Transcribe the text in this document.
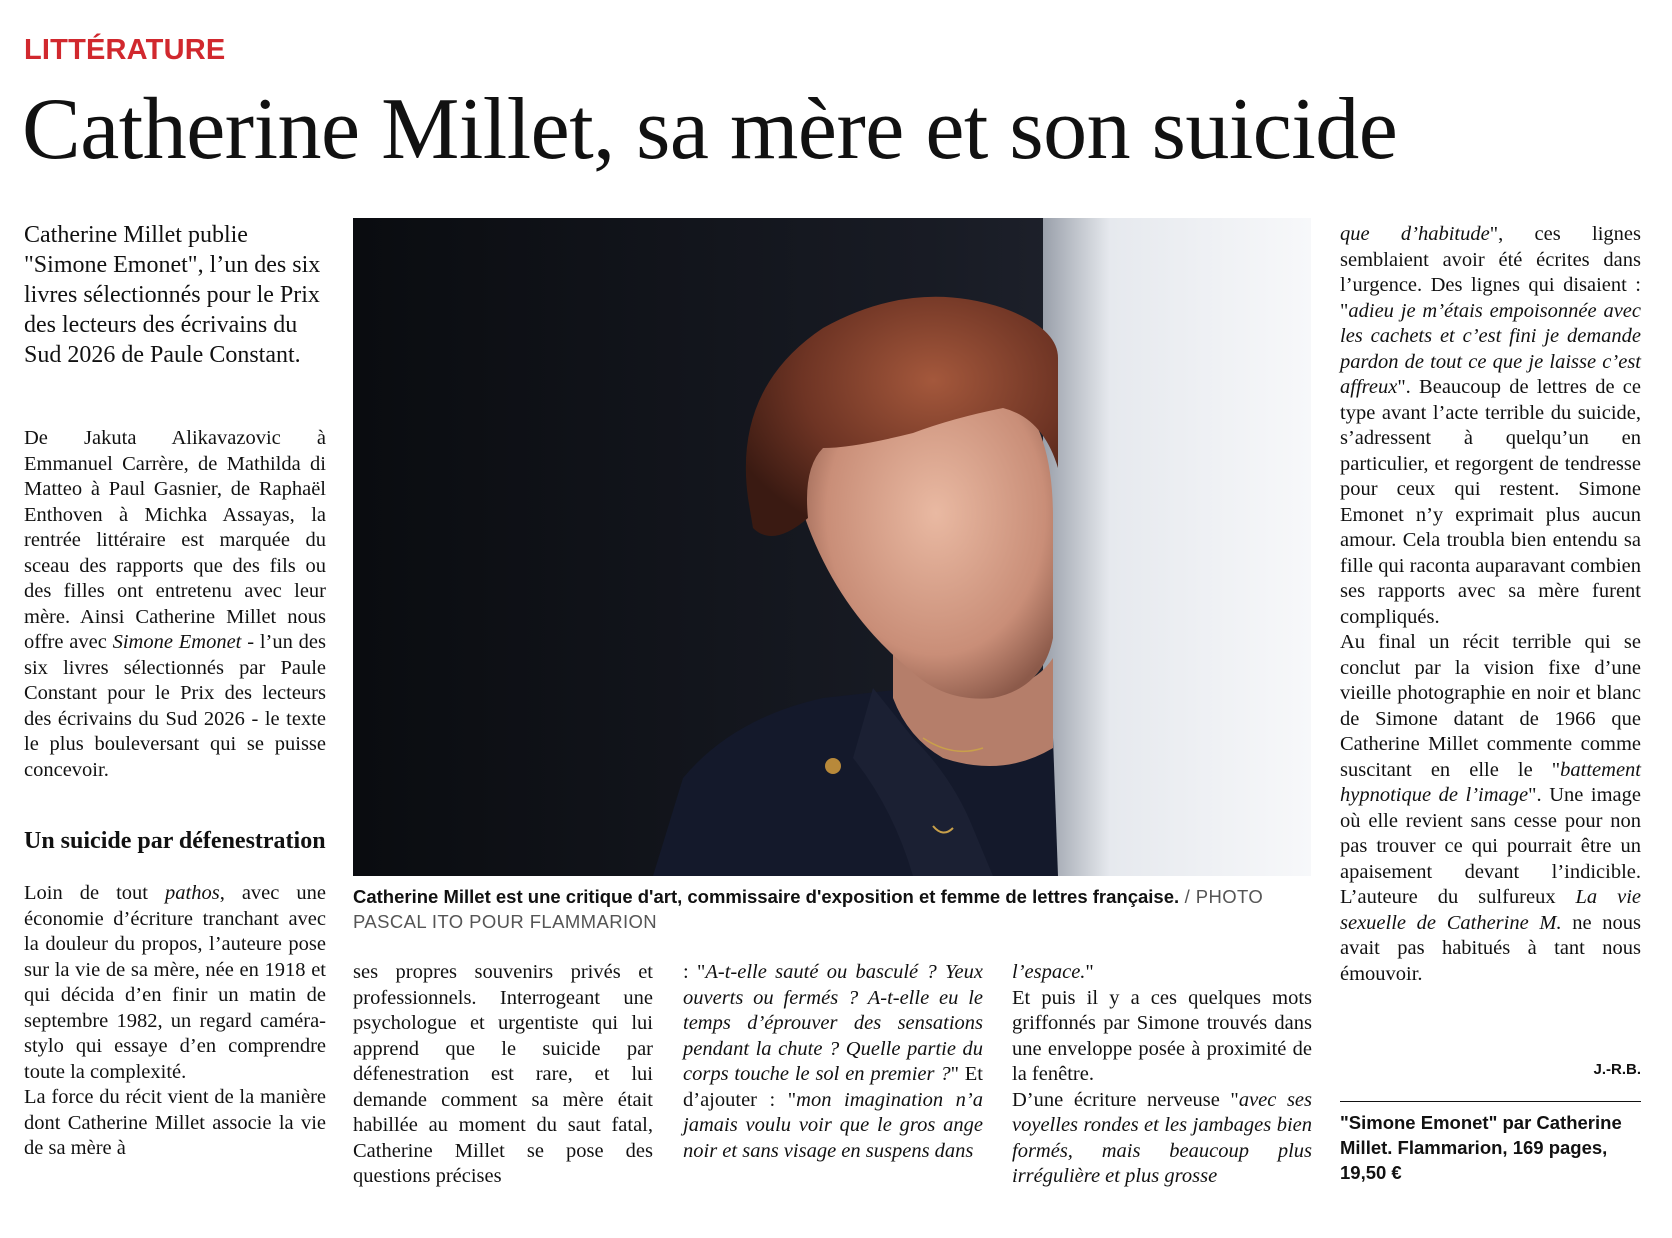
LITTÉRATURE
Catherine Millet, sa mère et son suicide
Catherine Millet publie "Simone Emonet", l’un des six livres sélectionnés pour le Prix des lecteurs des écrivains du Sud 2026 de Paule Constant.

De Jakuta Alikavazovic à Emmanuel Carrère, de Mathilda di Matteo à Paul Gasnier, de Raphaël Enthoven à Michka Assayas, la rentrée littéraire est marquée du sceau des rapports que des fils ou des filles ont entretenu avec leur mère. Ainsi Catherine Millet nous offre avec Simone Emonet - l’un des six livres sélectionnés par Paule Constant pour le Prix des lecteurs des écrivains du Sud 2026 - le texte le plus bouleversant qui se puisse concevoir.

Un suicide par défenestration

Loin de tout pathos, avec une économie d’écriture tranchant avec la douleur du propos, l’auteure pose sur la vie de sa mère, née en 1918 et qui décida d’en finir un matin de septembre 1982, un regard caméra-stylo qui essaye d’en comprendre toute la complexité.

La force du récit vient de la manière dont Catherine Millet associe la vie de sa mère à

Catherine Millet est une critique d'art, commissaire d'exposition et femme de lettres française. / PHOTO PASCAL ITO POUR FLAMMARION

ses propres souvenirs privés et professionnels. Interrogeant une psychologue et urgentiste qui lui apprend que le suicide par défenestration est rare, et lui demande comment sa mère était habillée au moment du saut fatal, Catherine Millet se pose des questions précises

: "A-t-elle sauté ou basculé ? Yeux ouverts ou fermés ? A-t-elle eu le temps d’éprouver des sensations pendant la chute ? Quelle partie du corps touche le sol en premier ?" Et d’ajouter : "mon imagination n’a jamais voulu voir que le gros ange noir et sans visage en suspens dans

l’espace."

Et puis il y a ces quelques mots griffonnés par Simone trouvés dans une enveloppe posée à proximité de la fenêtre.

D’une écriture nerveuse "avec ses voyelles rondes et les jambages bien formés, mais beaucoup plus irrégulière et plus grosse

que d’habitude", ces lignes semblaient avoir été écrites dans l’urgence. Des lignes qui disaient : "adieu je m’étais empoisonnée avec les cachets et c’est fini je demande pardon de tout ce que je laisse c’est affreux". Beaucoup de lettres de ce type avant l’acte terrible du suicide, s’adressent à quelqu’un en particulier, et regorgent de tendresse pour ceux qui restent. Simone Emonet n’y exprimait plus aucun amour. Cela troubla bien entendu sa fille qui raconta auparavant combien ses rapports avec sa mère furent compliqués.

Au final un récit terrible qui se conclut par la vision fixe d’une vieille photographie en noir et blanc de Simone datant de 1966 que Catherine Millet commente comme suscitant en elle le "battement hypnotique de l’image". Une image où elle revient sans cesse pour non pas trouver ce qui pourrait être un apaisement devant l’indicible. L’auteure du sulfureux La vie sexuelle de Catherine M. ne nous avait pas habitués à tant nous émouvoir.

J.-R.B.
"Simone Emonet" par Catherine Millet. Flammarion, 169 pages, 19,50 €
